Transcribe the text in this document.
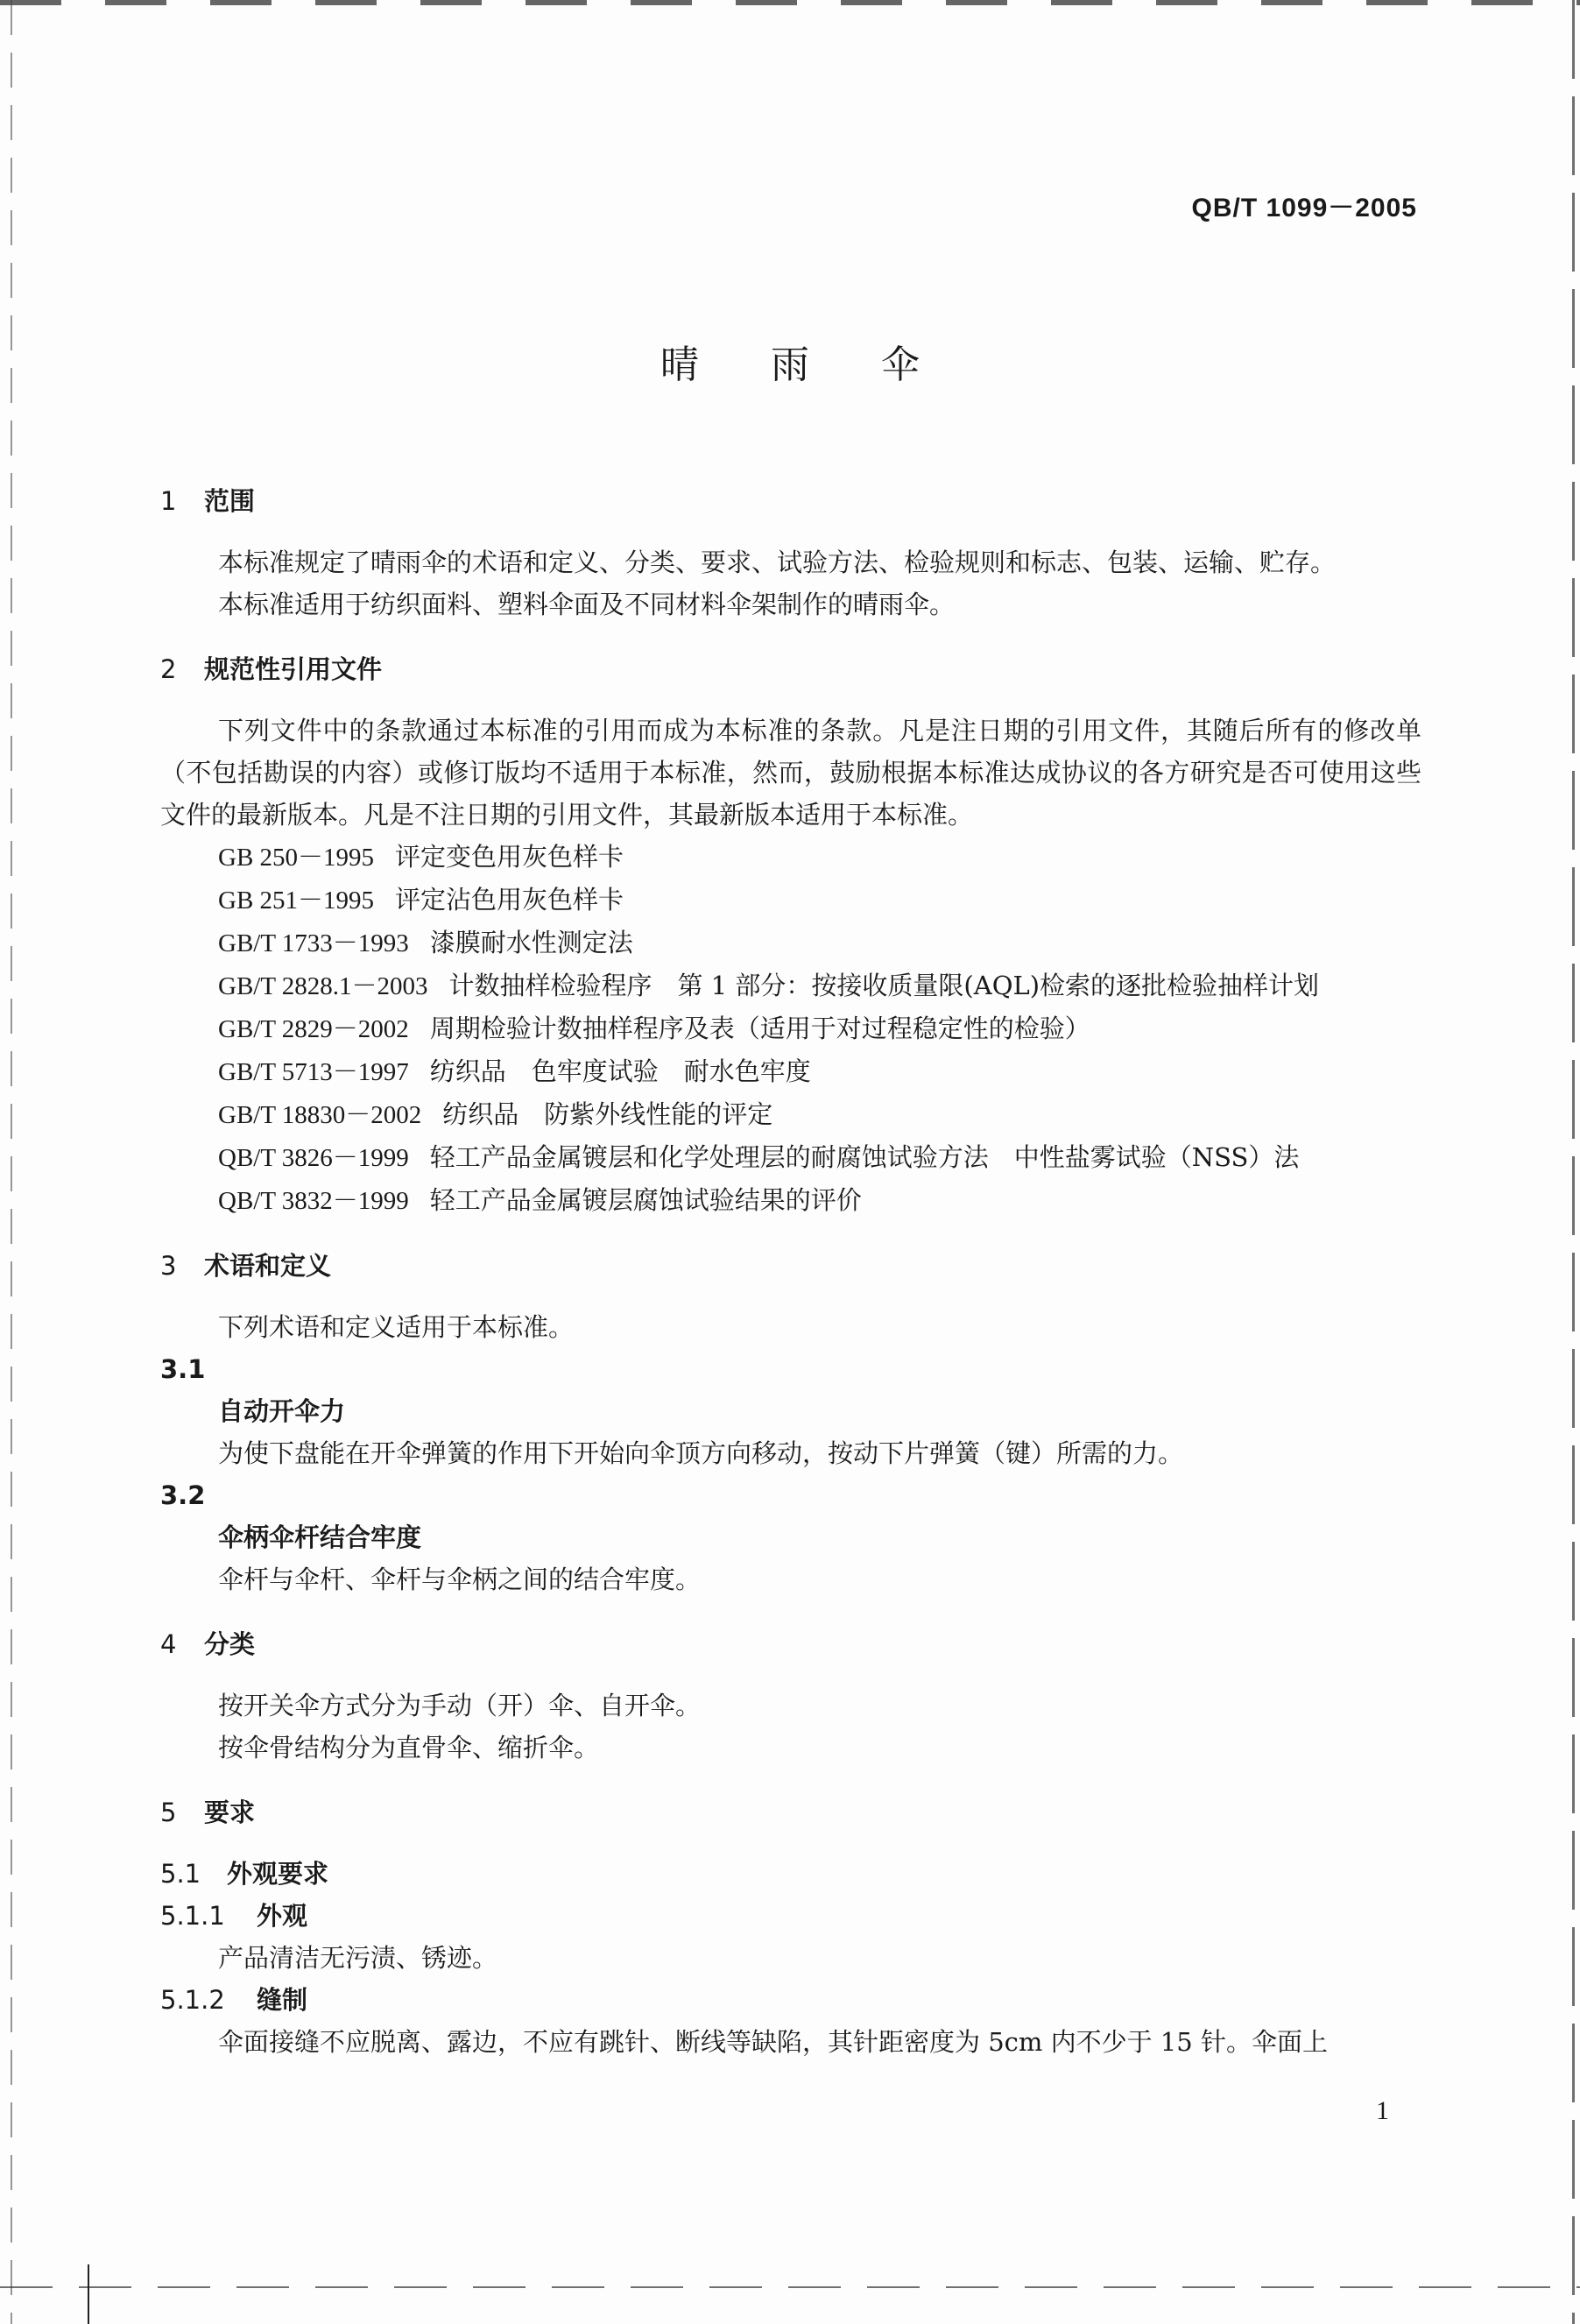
QB/T 1099－2005
晴 雨 伞
1 范围
本标准规定了晴雨伞的术语和定义、分类、要求、试验方法、检验规则和标志、包装、运输、贮存。
本标准适用于纺织面料、塑料伞面及不同材料伞架制作的晴雨伞。
2 规范性引用文件
下列文件中的条款通过本标准的引用而成为本标准的条款。凡是注日期的引用文件，其随后所有的修改单（不包括勘误的内容）或修订版均不适用于本标准，然而，鼓励根据本标准达成协议的各方研究是否可使用这些文件的最新版本。凡是不注日期的引用文件，其最新版本适用于本标准。
GB 250－1995 评定变色用灰色样卡
GB 251－1995 评定沾色用灰色样卡
GB/T 1733－1993 漆膜耐水性测定法
GB/T 2828.1－2003 计数抽样检验程序　第 1 部分：按接收质量限(AQL)检索的逐批检验抽样计划
GB/T 2829－2002 周期检验计数抽样程序及表（适用于对过程稳定性的检验）
GB/T 5713－1997 纺织品　色牢度试验　耐水色牢度
GB/T 18830－2002 纺织品　防紫外线性能的评定
QB/T 3826－1999 轻工产品金属镀层和化学处理层的耐腐蚀试验方法　中性盐雾试验（NSS）法
QB/T 3832－1999 轻工产品金属镀层腐蚀试验结果的评价
3 术语和定义
下列术语和定义适用于本标准。
3.1
自动开伞力
为使下盘能在开伞弹簧的作用下开始向伞顶方向移动，按动下片弹簧（键）所需的力。
3.2
伞柄伞杆结合牢度
伞杆与伞杆、伞杆与伞柄之间的结合牢度。
4 分类
按开关伞方式分为手动（开）伞、自开伞。
按伞骨结构分为直骨伞、缩折伞。
5 要求
5.1 外观要求
5.1.1 外观
产品清洁无污渍、锈迹。
5.1.2 缝制
伞面接缝不应脱离、露边，不应有跳针、断线等缺陷，其针距密度为 5cm 内不少于 15 针。伞面上
1
